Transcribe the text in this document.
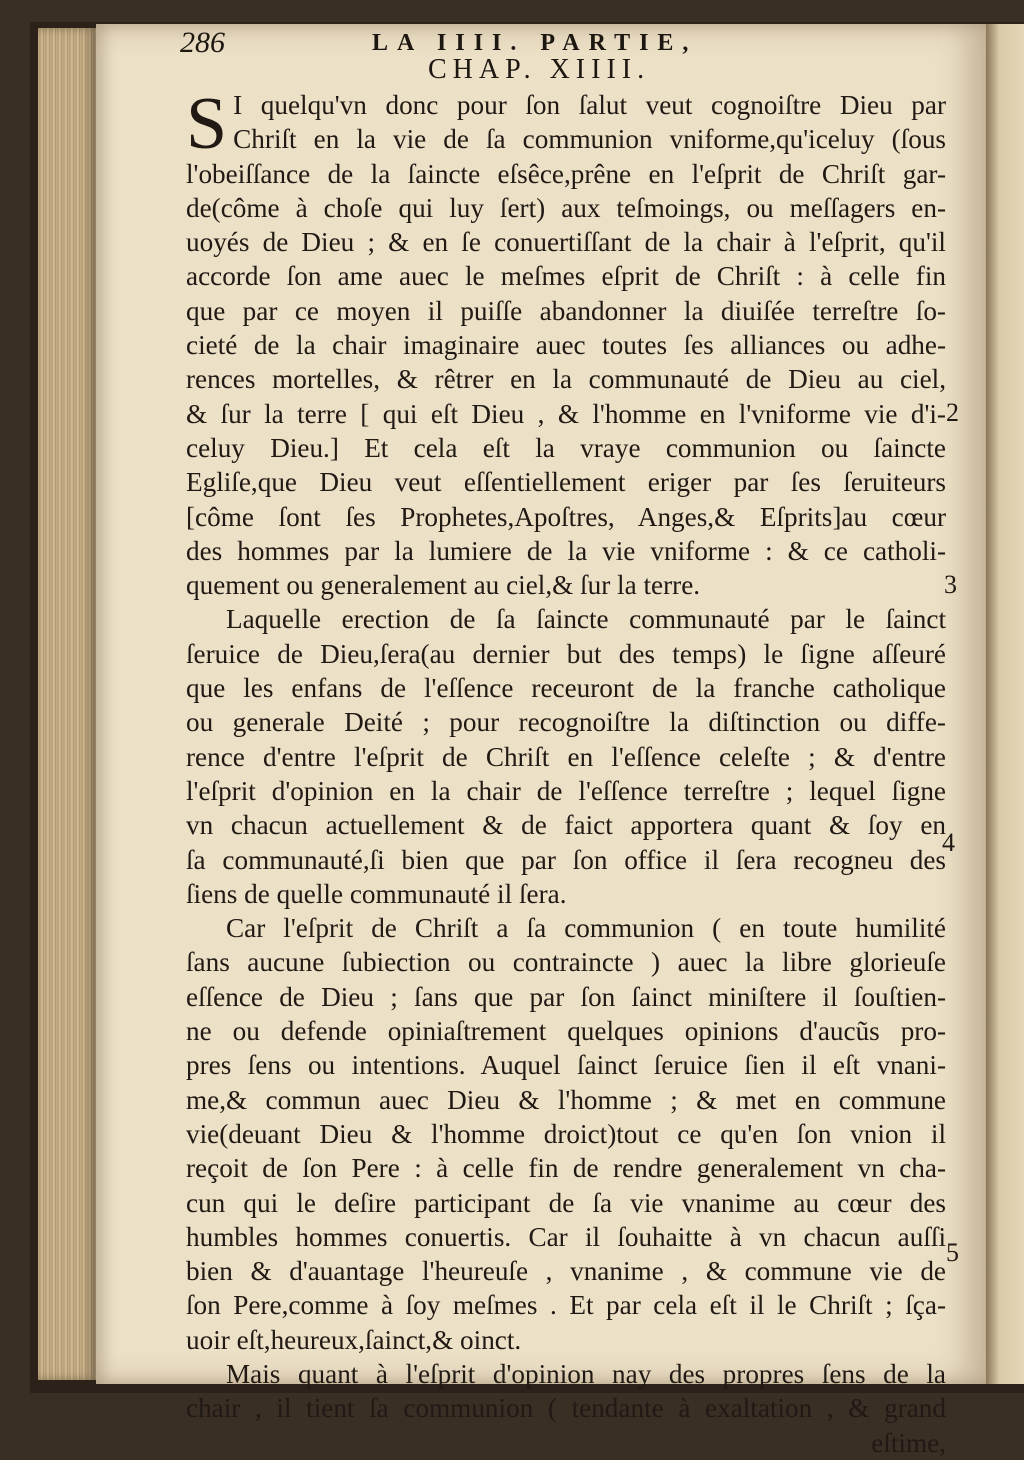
286	LA IIII. PARTIE,
CHAP. XIIII.
S I quelqu'vn donc pour ſon ſalut veut cognoiſtre Dieu par
Chriſt en la vie de ſa communion vniforme,qu'iceluy (ſous
l'obeiſſance de la ſaincte eſsêce,prêne en l'eſprit de Chriſt gar-
de(côme à choſe qui luy ſert) aux teſmoings, ou meſſagers en-
uoyés de Dieu ; & en ſe conuertiſſant de la chair à l'eſprit, qu'il
accorde ſon ame auec le meſmes eſprit de Chriſt : à celle fin
que par ce moyen il puiſſe abandonner la diuiſée terreſtre ſo-
cieté de la chair imaginaire auec toutes ſes alliances ou adhe-
rences mortelles, & rêtrer en la communauté de Dieu au ciel,
& ſur la terre [ qui eſt Dieu , & l'homme en l'vniforme vie d'i-
celuy Dieu.] Et cela eſt la vraye communion ou ſaincte
Egliſe,que Dieu veut eſſentiellement eriger par ſes ſeruiteurs
[côme ſont ſes Prophetes,Apoſtres, Anges,& Eſprits]au cœur
des hommes par la lumiere de la vie vniforme : & ce catholi-
quement ou generalement au ciel,& ſur la terre.
Laquelle erection de ſa ſaincte communauté par le ſainct
ſeruice de Dieu,ſera(au dernier but des temps) le ſigne aſſeuré
que les enfans de l'eſſence receuront de la franche catholique
ou generale Deité ; pour recognoiſtre la diſtinction ou diffe-
rence d'entre l'eſprit de Chriſt en l'eſſence celeſte ; & d'entre
l'eſprit d'opinion en la chair de l'eſſence terreſtre ; lequel ſigne
vn chacun actuellement & de faict apportera quant & ſoy en
ſa communauté,ſi bien que par ſon office il ſera recogneu des
ſiens de quelle communauté il ſera.
Car l'eſprit de Chriſt a ſa communion ( en toute humilité
ſans aucune ſubiection ou contraincte ) auec la libre glorieuſe
eſſence de Dieu ; ſans que par ſon ſainct miniſtere il ſouſtien-
ne ou defende opiniaſtrement quelques opinions d'aucũs pro-
pres ſens ou intentions. Auquel ſainct ſeruice ſien il eſt vnani-
me,& commun auec Dieu & l'homme ; & met en commune
vie(deuant Dieu & l'homme droict)tout ce qu'en ſon vnion il
reçoit de ſon Pere : à celle fin de rendre generalement vn cha-
cun qui le deſire participant de ſa vie vnanime au cœur des
humbles hommes conuertis. Car il ſouhaitte à vn chacun auſſi
bien & d'auantage l'heureuſe , vnanime , & commune vie de
ſon Pere,comme à ſoy meſmes . Et par cela eſt il le Chriſt ; ſça-
uoir eſt,heureux,ſainct,& oinct.
Mais quant à l'eſprit d'opinion nay des propres ſens de la
chair , il tient ſa communion ( tendante à exaltation , & grand
eſtime,
2
3
4
5
